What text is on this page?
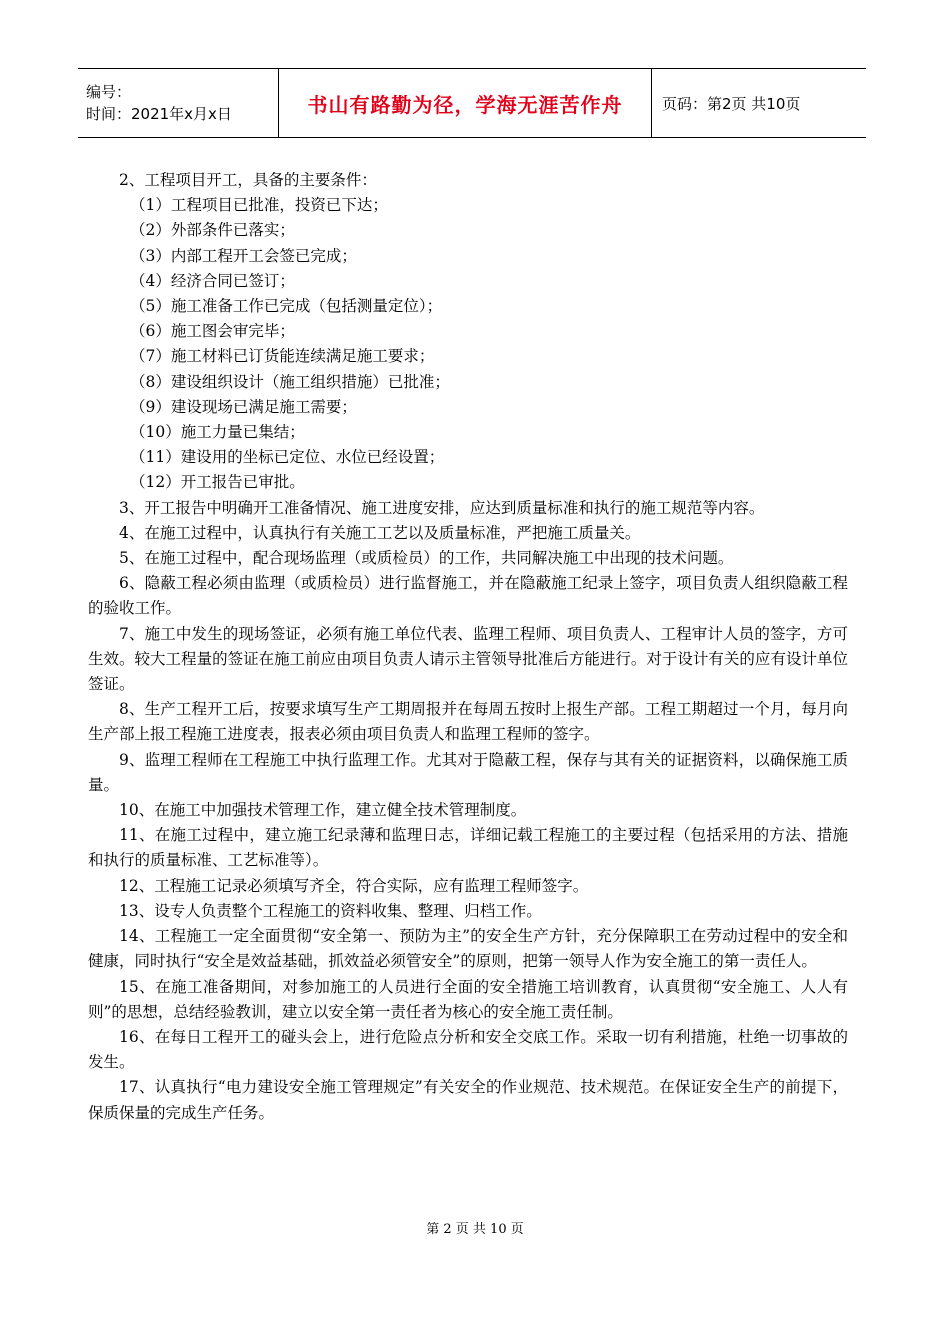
编号：
时间：2021年x月x日	书山有路勤为径，学海无涯苦作舟	页码：第2页 共10页

2、工程项目开工，具备的主要条件：

（1）工程项目已批准，投资已下达；

（2）外部条件已落实；

（3）内部工程开工会签已完成；

（4）经济合同已签订；

（5）施工准备工作已完成（包括测量定位）；

（6）施工图会审完毕；

（7）施工材料已订货能连续满足施工要求；

（8）建设组织设计（施工组织措施）已批准；

（9）建设现场已满足施工需要；

（10）施工力量已集结；

（11）建设用的坐标已定位、水位已经设置；

（12）开工报告已审批。

3、开工报告中明确开工准备情况、施工进度安排，应达到质量标准和执行的施工规范等内容。

4、在施工过程中，认真执行有关施工工艺以及质量标准，严把施工质量关。

5、在施工过程中，配合现场监理（或质检员）的工作，共同解决施工中出现的技术问题。

6、隐蔽工程必须由监理（或质检员）进行监督施工，并在隐蔽施工纪录上签字，项目负责人组织隐蔽工程的验收工作。

7、施工中发生的现场签证，必须有施工单位代表、监理工程师、项目负责人、工程审计人员的签字，方可生效。较大工程量的签证在施工前应由项目负责人请示主管领导批准后方能进行。对于设计有关的应有设计单位签证。

8、生产工程开工后，按要求填写生产工期周报并在每周五按时上报生产部。工程工期超过一个月，每月向生产部上报工程施工进度表，报表必须由项目负责人和监理工程师的签字。

9、监理工程师在工程施工中执行监理工作。尤其对于隐蔽工程，保存与其有关的证据资料，以确保施工质量。

10、在施工中加强技术管理工作，建立健全技术管理制度。

11、在施工过程中，建立施工纪录薄和监理日志，详细记载工程施工的主要过程（包括采用的方法、措施和执行的质量标准、工艺标准等）。

12、工程施工记录必须填写齐全，符合实际，应有监理工程师签字。

13、设专人负责整个工程施工的资料收集、整理、归档工作。

14、工程施工一定全面贯彻“安全第一、预防为主”的安全生产方针，充分保障职工在劳动过程中的安全和健康，同时执行“安全是效益基础，抓效益必须管安全”的原则，把第一领导人作为安全施工的第一责任人。

15、在施工准备期间，对参加施工的人员进行全面的安全措施工培训教育，认真贯彻“安全施工、人人有则”的思想，总结经验教训，建立以安全第一责任者为核心的安全施工责任制。

16、在每日工程开工的碰头会上，进行危险点分析和安全交底工作。采取一切有利措施，杜绝一切事故的发生。

17、认真执行“电力建设安全施工管理规定”有关安全的作业规范、技术规范。在保证安全生产的前提下，保质保量的完成生产任务。

第 2 页 共 10 页
